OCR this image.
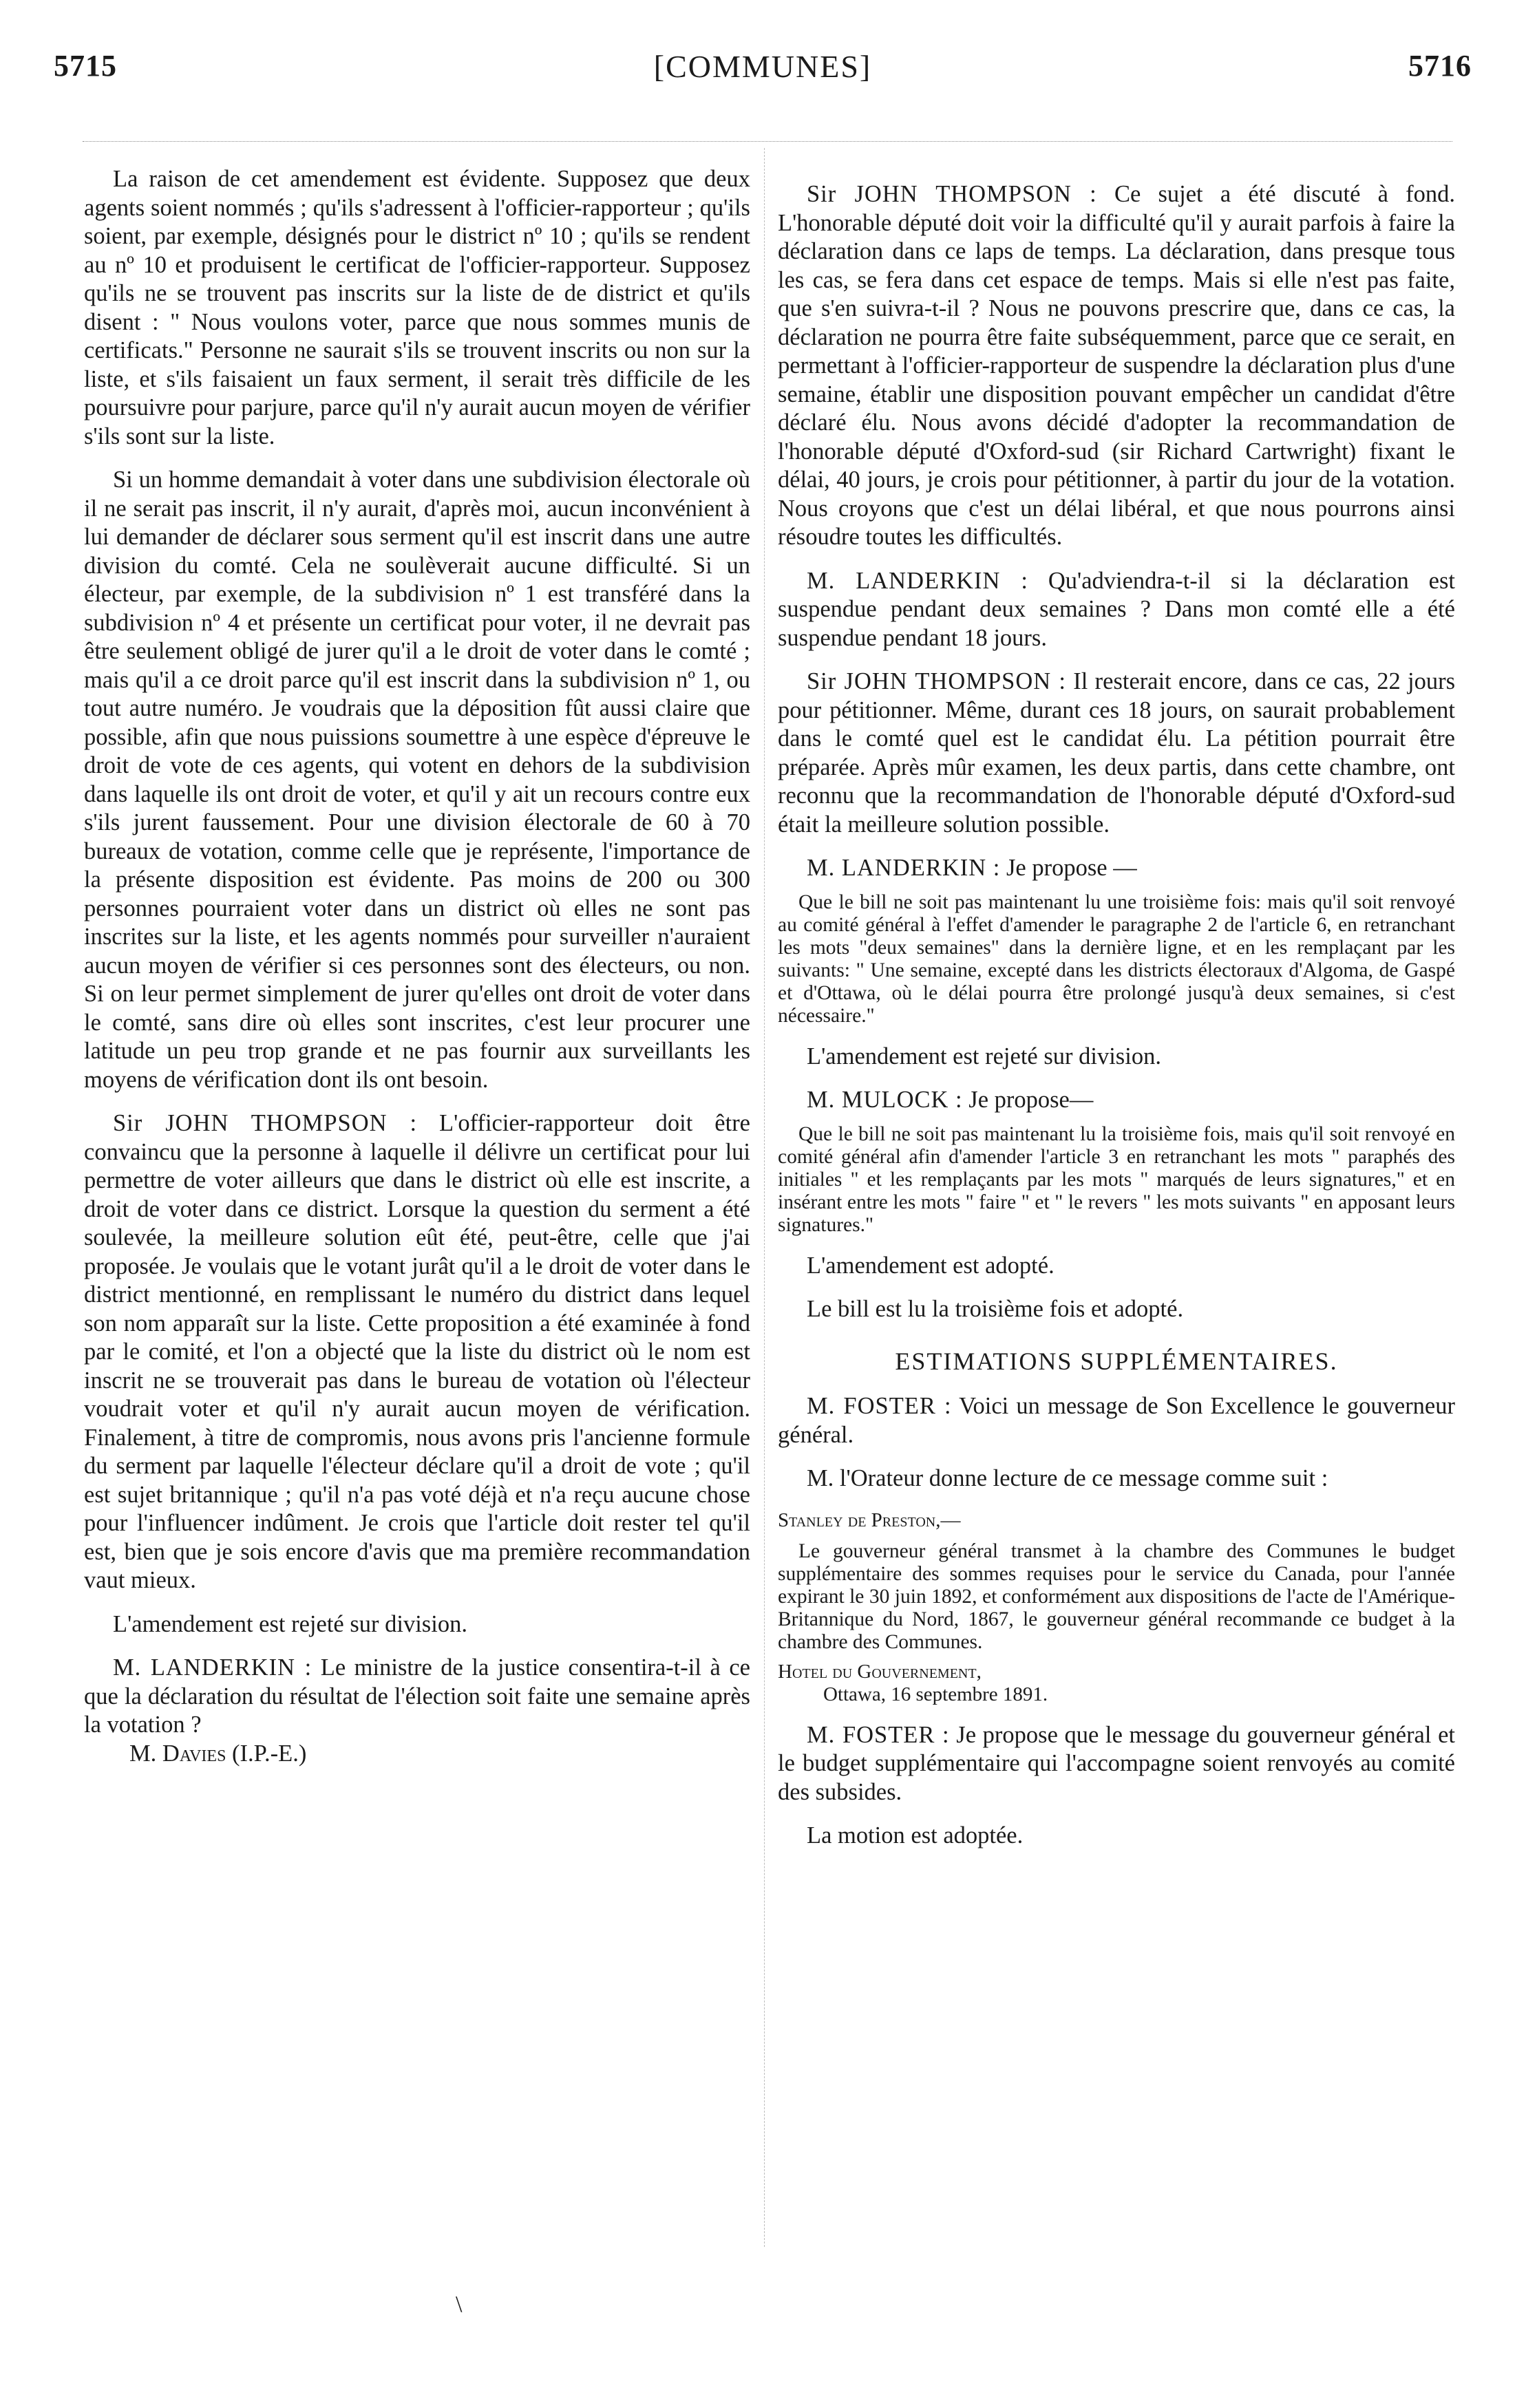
5715	[COMMUNES]	5716

La raison de cet amendement est évidente. Supposez que deux agents soient nommés ; qu'ils s'adressent à l'officier-rapporteur ; qu'ils soient, par exemple, désignés pour le district nº 10 ; qu'ils se rendent au nº 10 et produisent le certificat de l'officier-rapporteur. Supposez qu'ils ne se trouvent pas inscrits sur la liste de de district et qu'ils disent : " Nous voulons voter, parce que nous sommes munis de certificats." Personne ne saurait s'ils se trouvent inscrits ou non sur la liste, et s'ils faisaient un faux serment, il serait très difficile de les poursuivre pour parjure, parce qu'il n'y aurait aucun moyen de vérifier s'ils sont sur la liste.

Si un homme demandait à voter dans une subdivision électorale où il ne serait pas inscrit, il n'y aurait, d'après moi, aucun inconvénient à lui demander de déclarer sous serment qu'il est inscrit dans une autre division du comté. Cela ne soulèverait aucune difficulté. Si un électeur, par exemple, de la subdivision nº 1 est transféré dans la subdivision nº 4 et présente un certificat pour voter, il ne devrait pas être seulement obligé de jurer qu'il a le droit de voter dans le comté ; mais qu'il a ce droit parce qu'il est inscrit dans la subdivision nº 1, ou tout autre numéro. Je voudrais que la déposition fût aussi claire que possible, afin que nous puissions soumettre à une espèce d'épreuve le droit de vote de ces agents, qui votent en dehors de la subdivision dans laquelle ils ont droit de voter, et qu'il y ait un recours contre eux s'ils jurent faussement. Pour une division électorale de 60 à 70 bureaux de votation, comme celle que je représente, l'importance de la présente disposition est évidente. Pas moins de 200 ou 300 personnes pourraient voter dans un district où elles ne sont pas inscrites sur la liste, et les agents nommés pour surveiller n'auraient aucun moyen de vérifier si ces personnes sont des électeurs, ou non. Si on leur permet simplement de jurer qu'elles ont droit de voter dans le comté, sans dire où elles sont inscrites, c'est leur procurer une latitude un peu trop grande et ne pas fournir aux surveillants les moyens de vérification dont ils ont besoin.

Sir JOHN THOMPSON : L'officier-rapporteur doit être convaincu que la personne à laquelle il délivre un certificat pour lui permettre de voter ailleurs que dans le district où elle est inscrite, a droit de voter dans ce district. Lorsque la question du serment a été soulevée, la meilleure solution eût été, peut-être, celle que j'ai proposée. Je voulais que le votant jurât qu'il a le droit de voter dans le district mentionné, en remplissant le numéro du district dans lequel son nom apparaît sur la liste. Cette proposition a été examinée à fond par le comité, et l'on a objecté que la liste du district où le nom est inscrit ne se trouverait pas dans le bureau de votation où l'électeur voudrait voter et qu'il n'y aurait aucun moyen de vérification. Finalement, à titre de compromis, nous avons pris l'ancienne formule du serment par laquelle l'électeur déclare qu'il a droit de vote ; qu'il est sujet britannique ; qu'il n'a pas voté déjà et n'a reçu aucune chose pour l'influencer indûment. Je crois que l'article doit rester tel qu'il est, bien que je sois encore d'avis que ma première recommandation vaut mieux.

L'amendement est rejeté sur division.

M. LANDERKIN : Le ministre de la justice consentira-t-il à ce que la déclaration du résultat de l'élection soit faite une semaine après la votation ?

M. Davies (I.P.-E.)

Sir JOHN THOMPSON : Ce sujet a été discuté à fond. L'honorable député doit voir la difficulté qu'il y aurait parfois à faire la déclaration dans ce laps de temps. La déclaration, dans presque tous les cas, se fera dans cet espace de temps. Mais si elle n'est pas faite, que s'en suivra-t-il ? Nous ne pouvons prescrire que, dans ce cas, la déclaration ne pourra être faite subséquemment, parce que ce serait, en permettant à l'officier-rapporteur de suspendre la déclaration plus d'une semaine, établir une disposition pouvant empêcher un candidat d'être déclaré élu. Nous avons décidé d'adopter la recommandation de l'honorable député d'Oxford-sud (sir Richard Cartwright) fixant le délai, 40 jours, je crois pour pétitionner, à partir du jour de la votation. Nous croyons que c'est un délai libéral, et que nous pourrons ainsi résoudre toutes les difficultés.

M. LANDERKIN : Qu'adviendra-t-il si la déclaration est suspendue pendant deux semaines ? Dans mon comté elle a été suspendue pendant 18 jours.

Sir JOHN THOMPSON : Il resterait encore, dans ce cas, 22 jours pour pétitionner. Même, durant ces 18 jours, on saurait probablement dans le comté quel est le candidat élu. La pétition pourrait être préparée. Après mûr examen, les deux partis, dans cette chambre, ont reconnu que la recommandation de l'honorable député d'Oxford-sud était la meilleure solution possible.

M. LANDERKIN : Je propose —

Que le bill ne soit pas maintenant lu une troisième fois: mais qu'il soit renvoyé au comité général à l'effet d'amender le paragraphe 2 de l'article 6, en retranchant les mots "deux semaines" dans la dernière ligne, et en les remplaçant par les suivants: " Une semaine, excepté dans les districts électoraux d'Algoma, de Gaspé et d'Ottawa, où le délai pourra être prolongé jusqu'à deux semaines, si c'est nécessaire."

L'amendement est rejeté sur division.

M. MULOCK : Je propose—

Que le bill ne soit pas maintenant lu la troisième fois, mais qu'il soit renvoyé en comité général afin d'amender l'article 3 en retranchant les mots " paraphés des initiales " et les remplaçants par les mots " marqués de leurs signatures," et en insérant entre les mots " faire " et " le revers " les mots suivants " en apposant leurs signatures."

L'amendement est adopté.

Le bill est lu la troisième fois et adopté.

ESTIMATIONS SUPPLÉMENTAIRES.

M. FOSTER : Voici un message de Son Excellence le gouverneur général.

M. l'Orateur donne lecture de ce message comme suit :

Stanley de Preston,—

Le gouverneur général transmet à la chambre des Communes le budget supplémentaire des sommes requises pour le service du Canada, pour l'année expirant le 30 juin 1892, et conformément aux dispositions de l'acte de l'Amérique-Britannique du Nord, 1867, le gouverneur général recommande ce budget à la chambre des Communes.

Hotel du Gouvernement,

Ottawa, 16 septembre 1891.

M. FOSTER : Je propose que le message du gouverneur général et le budget supplémentaire qui l'accompagne soient renvoyés au comité des subsides.

La motion est adoptée.

\
